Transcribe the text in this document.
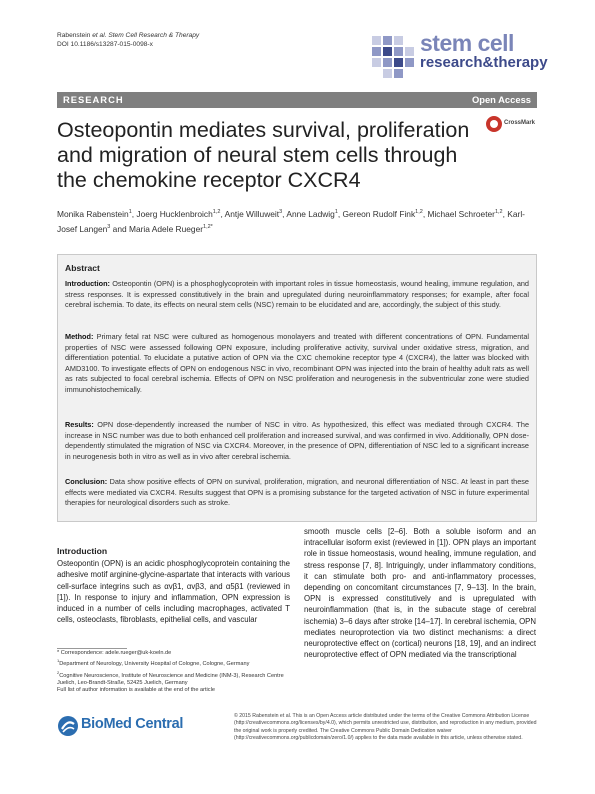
Rabenstein et al. Stem Cell Research & Therapy
DOI 10.1186/s13287-015-0098-x	stem cell
research&therapy
RESEARCH	Open Access
Osteopontin mediates survival, proliferation and migration of neural stem cells through the chemokine receptor CXCR4
CrossMark
Monika Rabenstein$^1$, Joerg Hucklenbroich$^{1,2}$, Antje Willuweit$^3$, Anne Ladwig$^1$, Gereon Rudolf Fink$^{1,2}$, Michael Schroeter$^{1,2}$, Karl-Josef Langen$^3$ and Maria Adele Rueger$^{1,2*}$
Abstract
Introduction: Osteopontin (OPN) is a phosphoglycoprotein with important roles in tissue homeostasis, wound healing, immune regulation, and stress responses. It is expressed constitutively in the brain and upregulated during neuroinflammatory responses; for example, after focal cerebral ischemia. To date, its effects on neural stem cells (NSC) remain to be elucidated and are, accordingly, the subject of this study.
Method: Primary fetal rat NSC were cultured as homogenous monolayers and treated with different concentrations of OPN. Fundamental properties of NSC were assessed following OPN exposure, including proliferative activity, survival under oxidative stress, migration, and differentiation potential. To elucidate a putative action of OPN via the CXC chemokine receptor type 4 (CXCR4), the latter was blocked with AMD3100. To investigate effects of OPN on endogenous NSC in vivo, recombinant OPN was injected into the brain of healthy adult rats as well as rats subjected to focal cerebral ischemia. Effects of OPN on NSC proliferation and neurogenesis in the subventricular zone were studied immunohistochemically.
Results: OPN dose-dependently increased the number of NSC in vitro. As hypothesized, this effect was mediated through CXCR4. The increase in NSC number was due to both enhanced cell proliferation and increased survival, and was confirmed in vivo. Additionally, OPN dose-dependently stimulated the migration of NSC via CXCR4. Moreover, in the presence of OPN, differentiation of NSC led to a significant increase in neurogenesis both in vitro as well as in vivo after cerebral ischemia.
Conclusion: Data show positive effects of OPN on survival, proliferation, migration, and neuronal differentiation of NSC. At least in part these effects were mediated via CXCR4. Results suggest that OPN is a promising substance for the targeted activation of NSC in future experimental therapies for neurological disorders such as stroke.
Introduction
Osteopontin (OPN) is an acidic phosphoglycoprotein containing the adhesive motif arginine-glycine-aspartate that interacts with various cell-surface integrins such as αvβ1, αvβ3, and α5β1 (reviewed in [1]). In response to injury and inflammation, OPN expression is induced in a number of cells including macrophages, activated T cells, osteoclasts, fibroblasts, epithelial cells, and vascular
smooth muscle cells [2–6]. Both a soluble isoform and an intracellular isoform exist (reviewed in [1]). OPN plays an important role in tissue homeostasis, wound healing, immune regulation, and stress response [7, 8]. Intriguingly, under inflammatory conditions, it can stimulate both pro- and anti-inflammatory processes, depending on concomitant circumstances [7, 9–13]. In the brain, OPN is expressed constitutively and is upregulated with neuroinflammation (that is, in the subacute stage of cerebral ischemia) 3–6 days after stroke [14–17]. In cerebral ischemia, OPN mediates neuroprotection via two distinct mechanisms: a direct neuroprotective effect on (cortical) neurons [18, 19], and an indirect neuroprotective effect of OPN mediated via the transcriptional
* Correspondence: adele.rueger@uk-koeln.de
$^1$Department of Neurology, University Hospital of Cologne, Cologne, Germany
$^2$Cognitive Neuroscience, Institute of Neuroscience and Medicine (INM-3), Research Centre Juelich, Leo-Brandt-Straße, 52425 Juelich, Germany
Full list of author information is available at the end of the article
BioMed Central	© 2015 Rabenstein et al. This is an Open Access article distributed under the terms of the Creative Commons Attribution License (http://creativecommons.org/licenses/by/4.0), which permits unrestricted use, distribution, and reproduction in any medium, provided the original work is properly credited. The Creative Commons Public Domain Dedication waiver (http://creativecommons.org/publicdomain/zero/1.0/) applies to the data made available in this article, unless otherwise stated.
